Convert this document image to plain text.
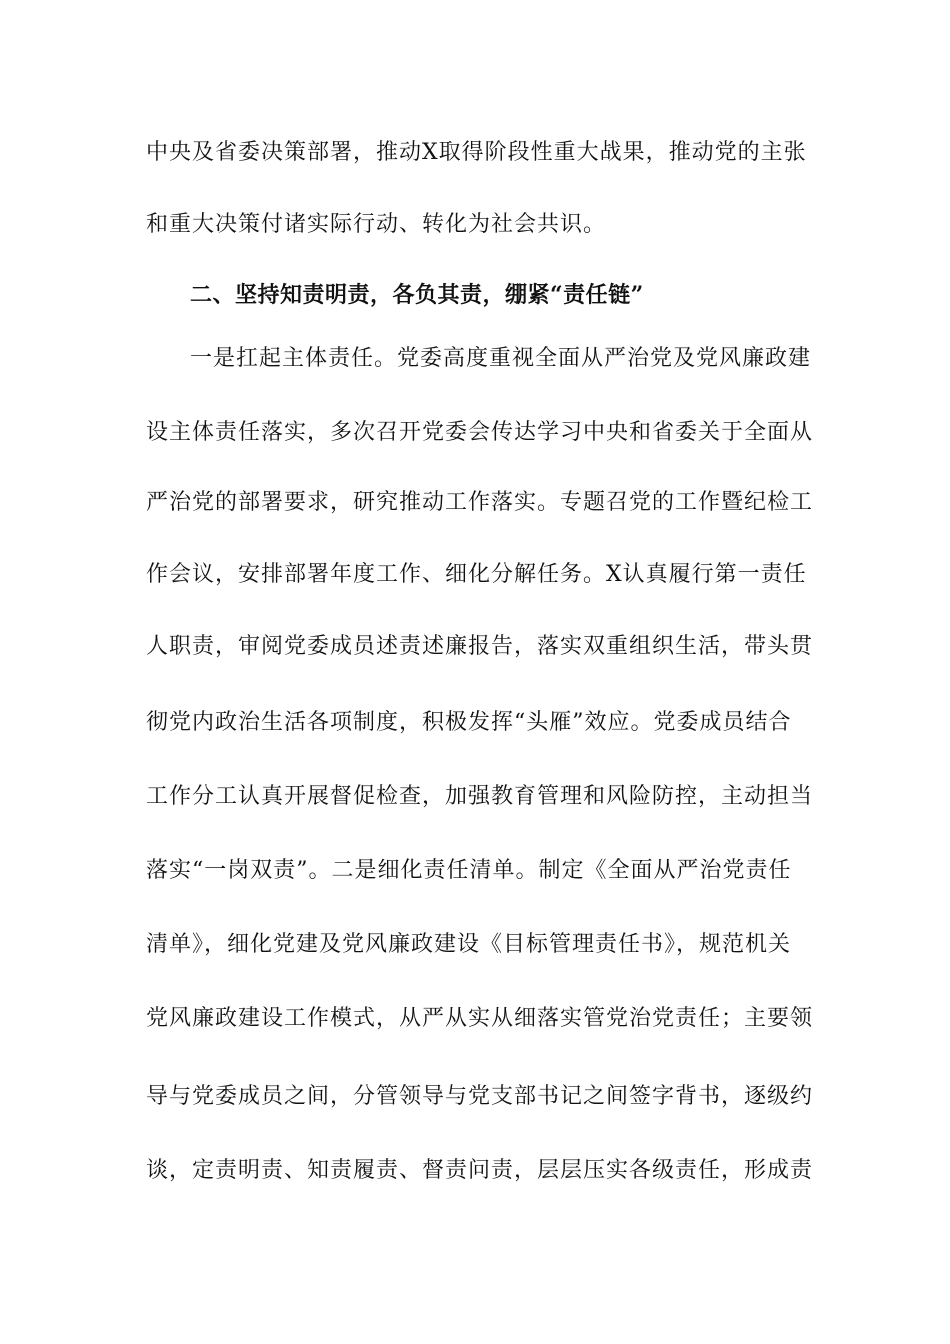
中央及省委决策部署，推动X取得阶段性重大战果，推动党的主张
和重大决策付诸实际行动、转化为社会共识。
二、坚持知责明责，各负其责，绷紧“责任链”
一是扛起主体责任。党委高度重视全面从严治党及党风廉政建
设主体责任落实，多次召开党委会传达学习中央和省委关于全面从
严治党的部署要求，研究推动工作落实。专题召党的工作暨纪检工
作会议，安排部署年度工作、细化分解任务。X认真履行第一责任
人职责，审阅党委成员述责述廉报告，落实双重组织生活，带头贯
彻党内政治生活各项制度，积极发挥“头雁”效应。党委成员结合
工作分工认真开展督促检查，加强教育管理和风险防控，主动担当
落实“一岗双责”。二是细化责任清单。制定《全面从严治党责任
清单》，细化党建及党风廉政建设《目标管理责任书》，规范机关
党风廉政建设工作模式，从严从实从细落实管党治党责任；主要领
导与党委成员之间，分管领导与党支部书记之间签字背书，逐级约
谈，定责明责、知责履责、督责问责，层层压实各级责任，形成责
